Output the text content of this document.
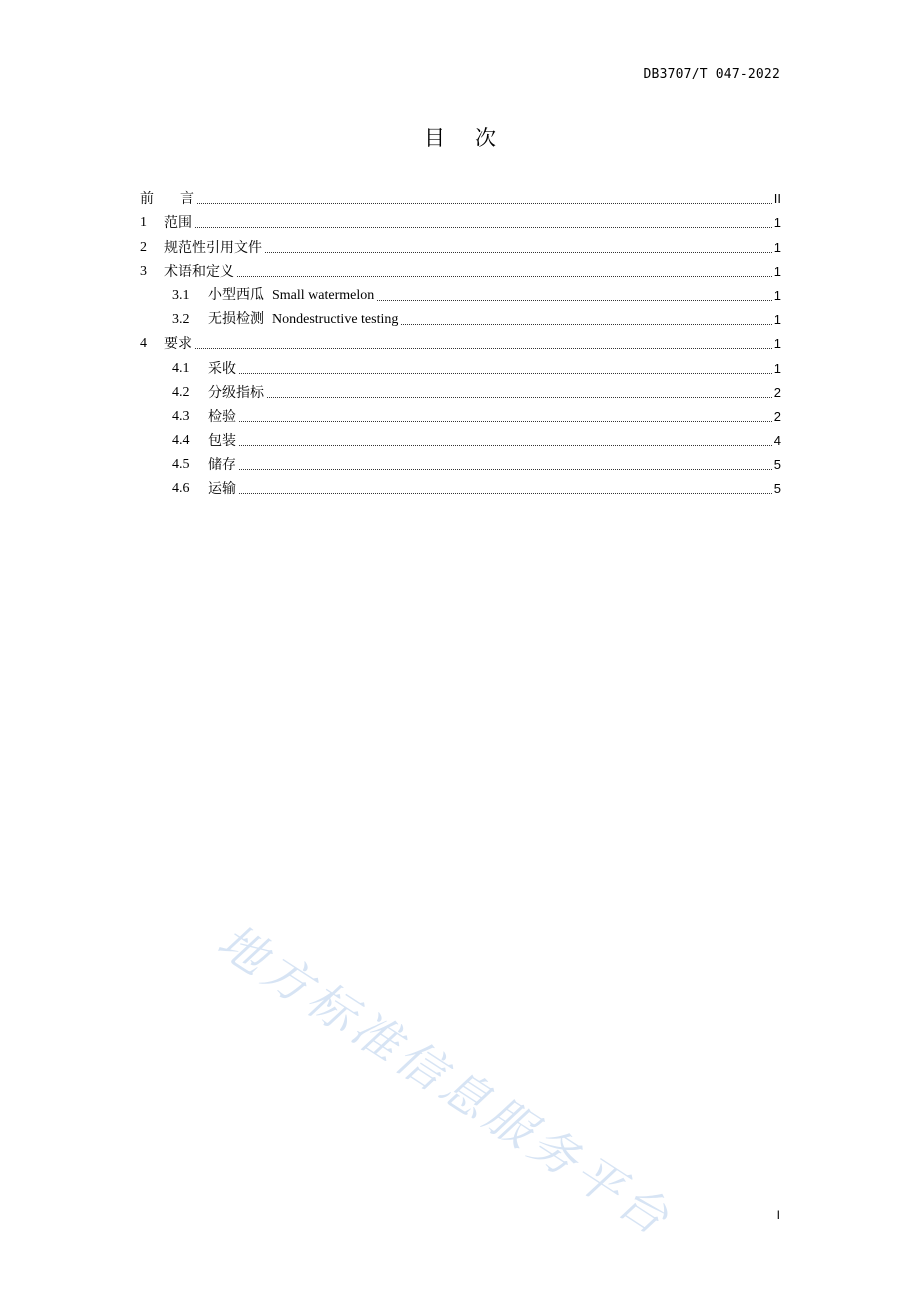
DB3707/T 047-2022
目 次
前 言	II
1	范围	1
2	规范性引用文件	1
3	术语和定义	1
3.1	小型西瓜 Small watermelon	1
3.2	无损检测 Nondestructive testing	1
4	要求	1
4.1	采收	1
4.2	分级指标	2
4.3	检验	2
4.4	包装	4
4.5	储存	5
4.6	运输	5
地方标准信息服务平台	I
